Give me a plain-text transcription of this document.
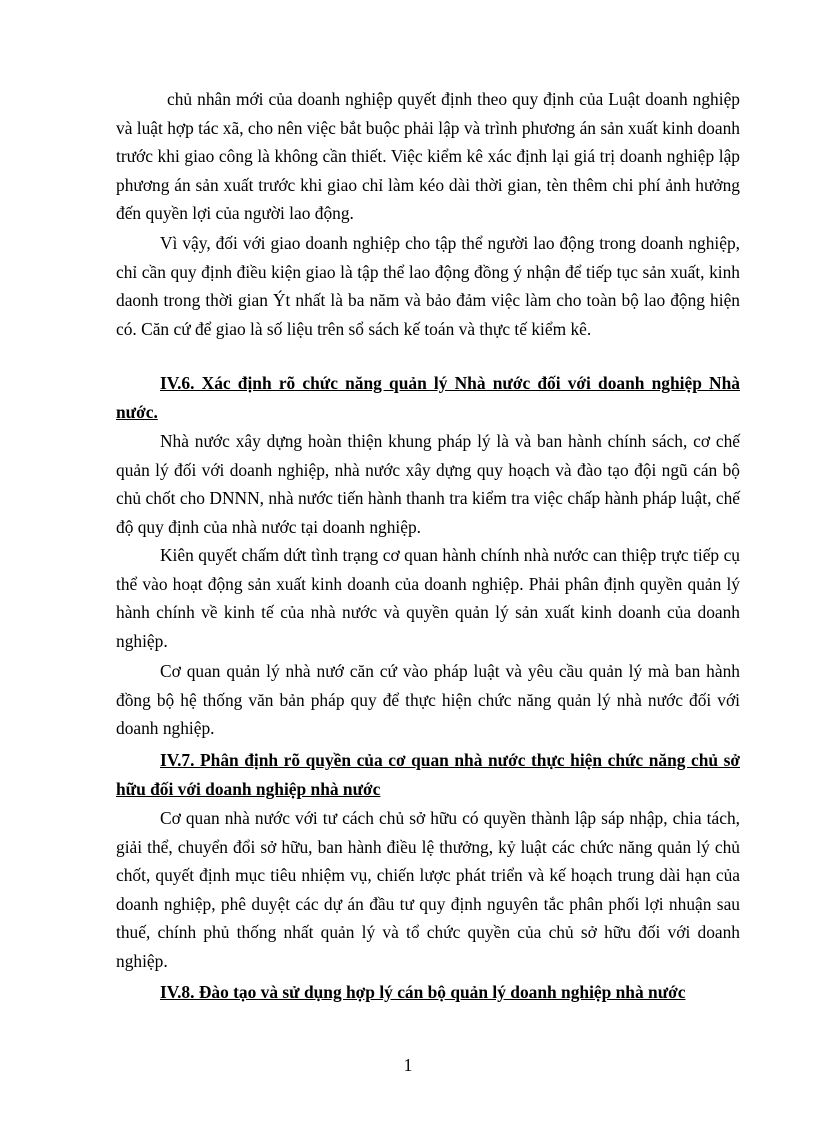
chủ nhân mới của doanh nghiệp quyết định theo quy định của Luật doanh nghiệp và luật hợp tác xã, cho nên việc bắt buộc phải lập và trình phương án sản xuất kinh doanh trước khi giao công là không cần thiết. Việc kiểm kê xác định lại giá trị doanh nghiệp lập phương án sản xuất trước khi giao chỉ làm kéo dài thời gian, tèn thêm chi phí ảnh hưởng đến quyền lợi của người lao động.

Vì vậy, đối với giao doanh nghiệp cho tập thể người lao động trong doanh nghiệp, chỉ cần quy định điều kiện giao là tập thể lao động đồng ý nhận để tiếp tục sản xuất, kinh daonh trong thời gian Ýt nhất là ba năm và bảo đảm việc làm cho toàn bộ lao động hiện có. Căn cứ để giao là số liệu trên sổ sách kế toán và thực tế kiểm kê.

IV.6. Xác định rõ chức năng quản lý Nhà nước đối với doanh nghiệp Nhà nước.

Nhà nước xây dựng hoàn thiện khung pháp lý là và ban hành chính sách, cơ chế quản lý đối với doanh nghiệp, nhà nước xây dựng quy hoạch và đào tạo đội ngũ cán bộ chủ chốt cho DNNN, nhà nước tiến hành thanh tra kiểm tra việc chấp hành pháp luật, chế độ quy định của nhà nước tại doanh nghiệp.

Kiên quyết chấm dứt tình trạng cơ quan hành chính nhà nước can thiệp trực tiếp cụ thể vào hoạt động sản xuất kinh doanh của doanh nghiệp. Phải phân định quyền quản lý hành chính về kinh tế của nhà nước và quyền quản lý sản xuất kinh doanh của doanh nghiệp.

Cơ quan quản lý nhà nướ căn cứ vào pháp luật và yêu cầu quản lý mà ban hành đồng bộ hệ thống văn bản pháp quy để thực hiện chức năng quản lý nhà nước đối với doanh nghiệp.

IV.7. Phân định rõ quyền của cơ quan nhà nước thực hiện chức năng chủ sở hữu đối với doanh nghiệp nhà nước

Cơ quan nhà nước với tư cách chủ sở hữu có quyền thành lập sáp nhập, chia tách, giải thể, chuyển đổi sở hữu, ban hành điều lệ thưởng, kỷ luật các chức năng quản lý chủ chốt, quyết định mục tiêu nhiệm vụ, chiến lược phát triển và kế hoạch trung dài hạn của doanh nghiệp, phê duyệt các dự án đầu tư quy định nguyên tắc phân phối lợi nhuận sau thuế, chính phủ thống nhất quản lý và tổ chức quyền của chủ sở hữu đối với doanh nghiệp.

IV.8. Đào tạo và sử dụng hợp lý cán bộ quản lý doanh nghiệp nhà nước

1
